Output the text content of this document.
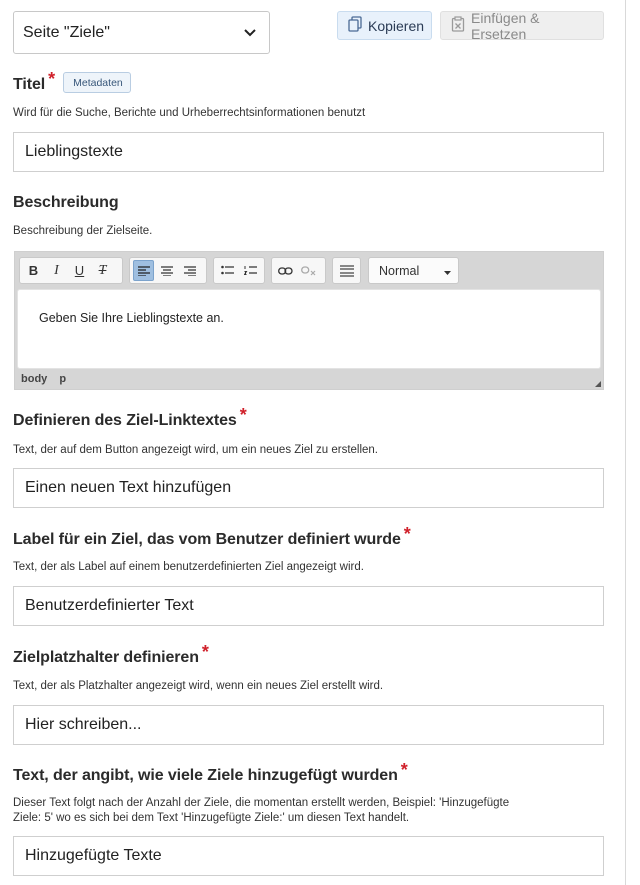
Seite "Ziele"	Kopieren	Einfügen & Ersetzen
Titel *	Metadaten
Wird für die Suche, Berichte und Urheberrechtsinformationen benutzt
Lieblingstexte
Beschreibung
Beschreibung der Zielseite.
B	I	U	T	Normal
Geben Sie Ihre Lieblingstexte an.
body p
Definieren des Ziel-Linktextes *
Text, der auf dem Button angezeigt wird, um ein neues Ziel zu erstellen.
Einen neuen Text hinzufügen
Label für ein Ziel, das vom Benutzer definiert wurde *
Text, der als Label auf einem benutzerdefinierten Ziel angezeigt wird.
Benutzerdefinierter Text
Zielplatzhalter definieren *
Text, der als Platzhalter angezeigt wird, wenn ein neues Ziel erstellt wird.
Hier schreiben...
Text, der angibt, wie viele Ziele hinzugefügt wurden *
Dieser Text folgt nach der Anzahl der Ziele, die momentan erstellt werden, Beispiel: 'Hinzugefügte
Ziele: 5' wo es sich bei dem Text 'Hinzugefügte Ziele:' um diesen Text handelt.
Hinzugefügte Texte
